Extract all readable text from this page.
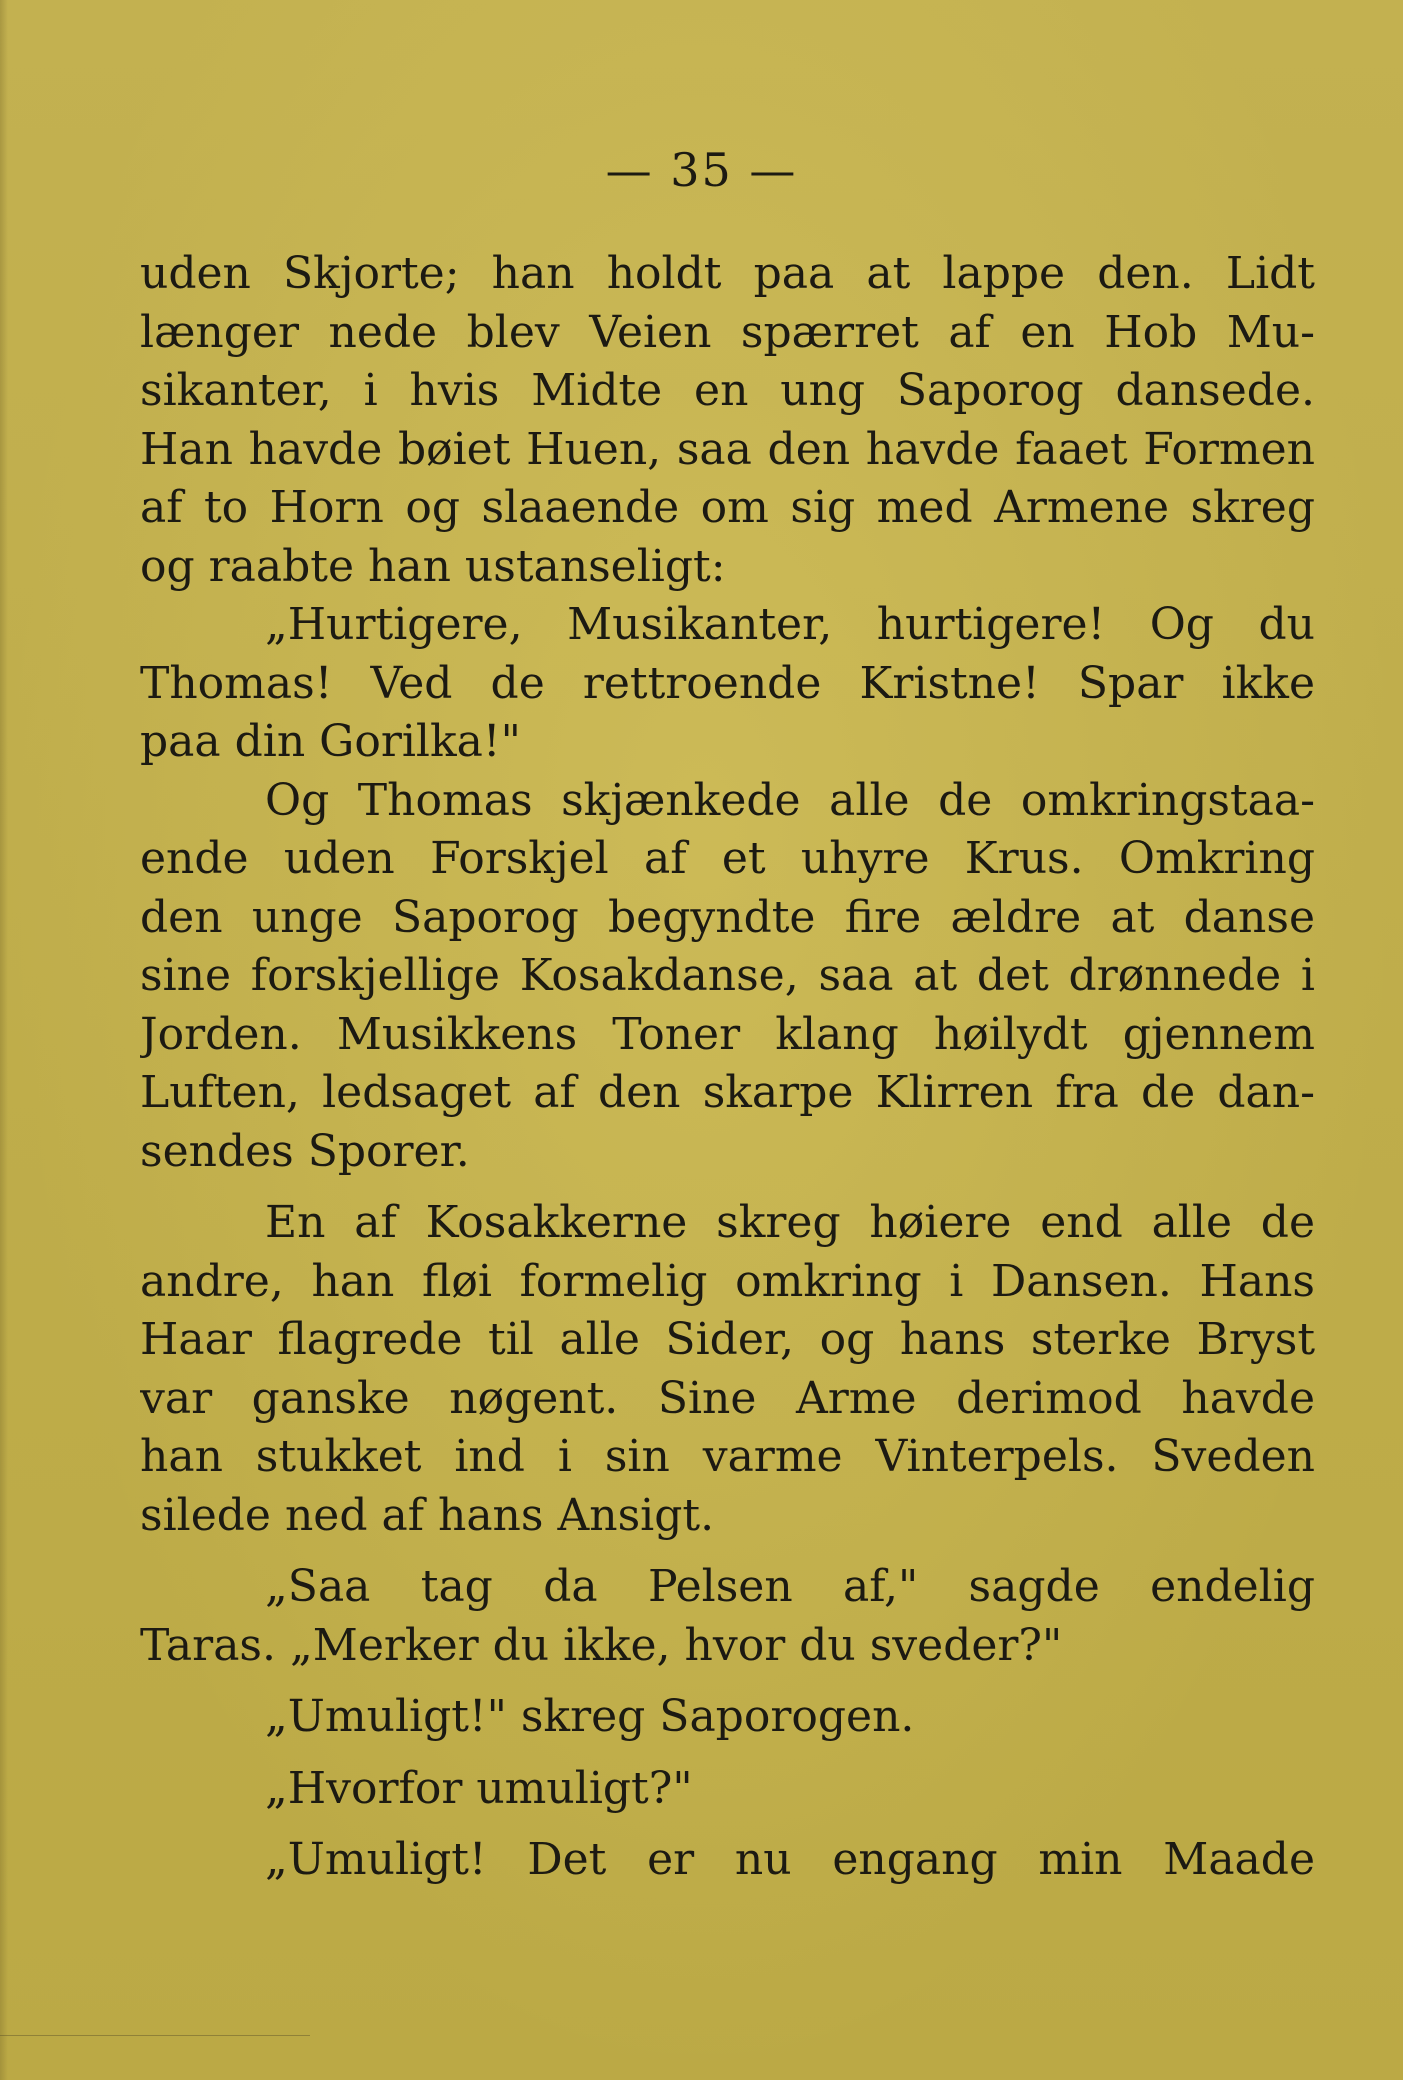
— 35 —
uden Skjorte; han holdt paa at lappe den. Lidt
længer nede blev Veien spærret af en Hob Mu-
sikanter, i hvis Midte en ung Saporog dansede.
Han havde bøiet Huen, saa den havde faaet Formen
af to Horn og slaaende om sig med Armene skreg
og raabte han ustanseligt:
„Hurtigere, Musikanter, hurtigere! Og du
Thomas! Ved de rettroende Kristne! Spar ikke
paa din Gorilka!"
Og Thomas skjænkede alle de omkringstaa-
ende uden Forskjel af et uhyre Krus. Omkring
den unge Saporog begyndte fire ældre at danse
sine forskjellige Kosakdanse, saa at det drønnede i
Jorden. Musikkens Toner klang høilydt gjennem
Luften, ledsaget af den skarpe Klirren fra de dan-
sendes Sporer.
En af Kosakkerne skreg høiere end alle de
andre, han fløi formelig omkring i Dansen. Hans
Haar flagrede til alle Sider, og hans sterke Bryst
var ganske nøgent. Sine Arme derimod havde
han stukket ind i sin varme Vinterpels. Sveden
silede ned af hans Ansigt.
„Saa tag da Pelsen af," sagde endelig
Taras. „Merker du ikke, hvor du sveder?"
„Umuligt!" skreg Saporogen.
„Hvorfor umuligt?"
„Umuligt! Det er nu engang min Maade
